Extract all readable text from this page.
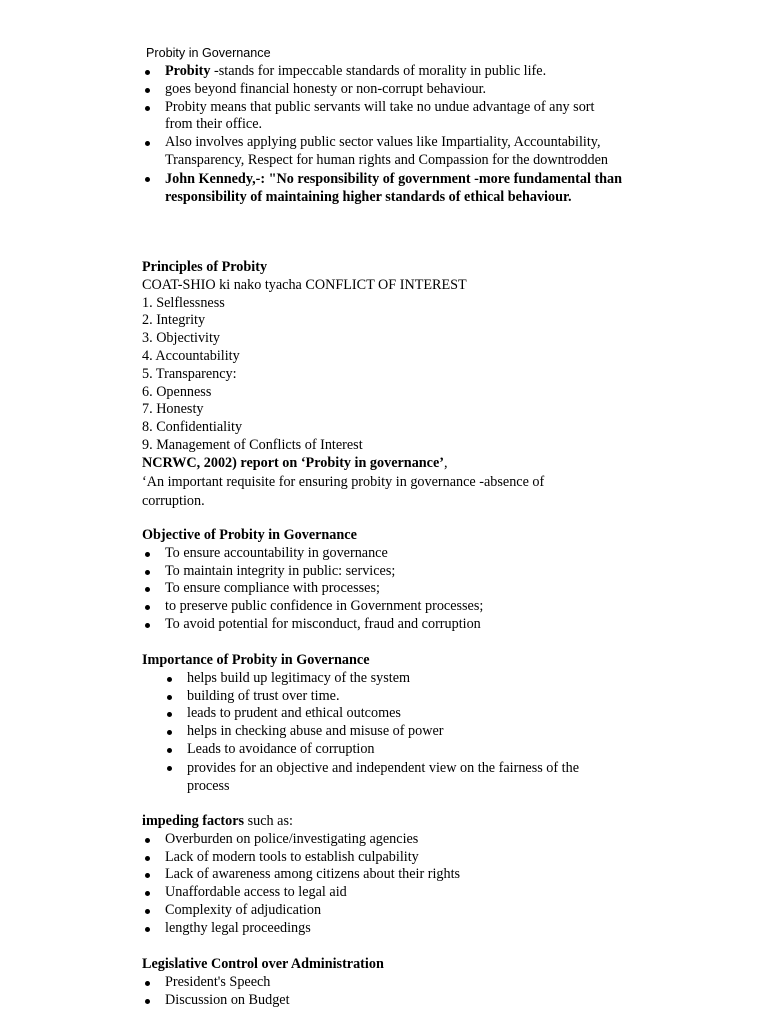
Probity in Governance
Probity -stands for impeccable standards of morality in public life.
goes beyond financial honesty or non-corrupt behaviour.
Probity means that public servants will take no undue advantage of any sort from their office.
Also involves applying public sector values like Impartiality, Accountability, Transparency, Respect for human rights and Compassion for the downtrodden
John Kennedy,-: "No responsibility of government -more fundamental than responsibility of maintaining higher standards of ethical behaviour.
Principles of Probity
COAT-SHIO ki nako tyacha CONFLICT OF INTEREST
1. Selflessness
2. Integrity
3. Objectivity
4. Accountability
5. Transparency:
6. Openness
7. Honesty
8. Confidentiality
9. Management of Conflicts of Interest
NCRWC, 2002) report on ‘Probity in governance’,
‘An important requisite for ensuring probity in governance -absence of corruption.
Objective of Probity in Governance
To ensure accountability in governance
To maintain integrity in public: services;
To ensure compliance with processes;
to preserve public confidence in Government processes;
To avoid potential for misconduct, fraud and corruption
Importance of Probity in Governance
helps build up legitimacy of the system
building of trust over time.
leads to prudent and ethical outcomes
helps in checking abuse and misuse of power
Leads to avoidance of corruption
provides for an objective and independent view on the fairness of the process
impeding factors such as:
Overburden on police/investigating agencies
Lack of modern tools to establish culpability
Lack of awareness among citizens about their rights
Unaffordable access to legal aid
Complexity of adjudication
lengthy legal proceedings
Legislative Control over Administration
President's Speech
Discussion on Budget
